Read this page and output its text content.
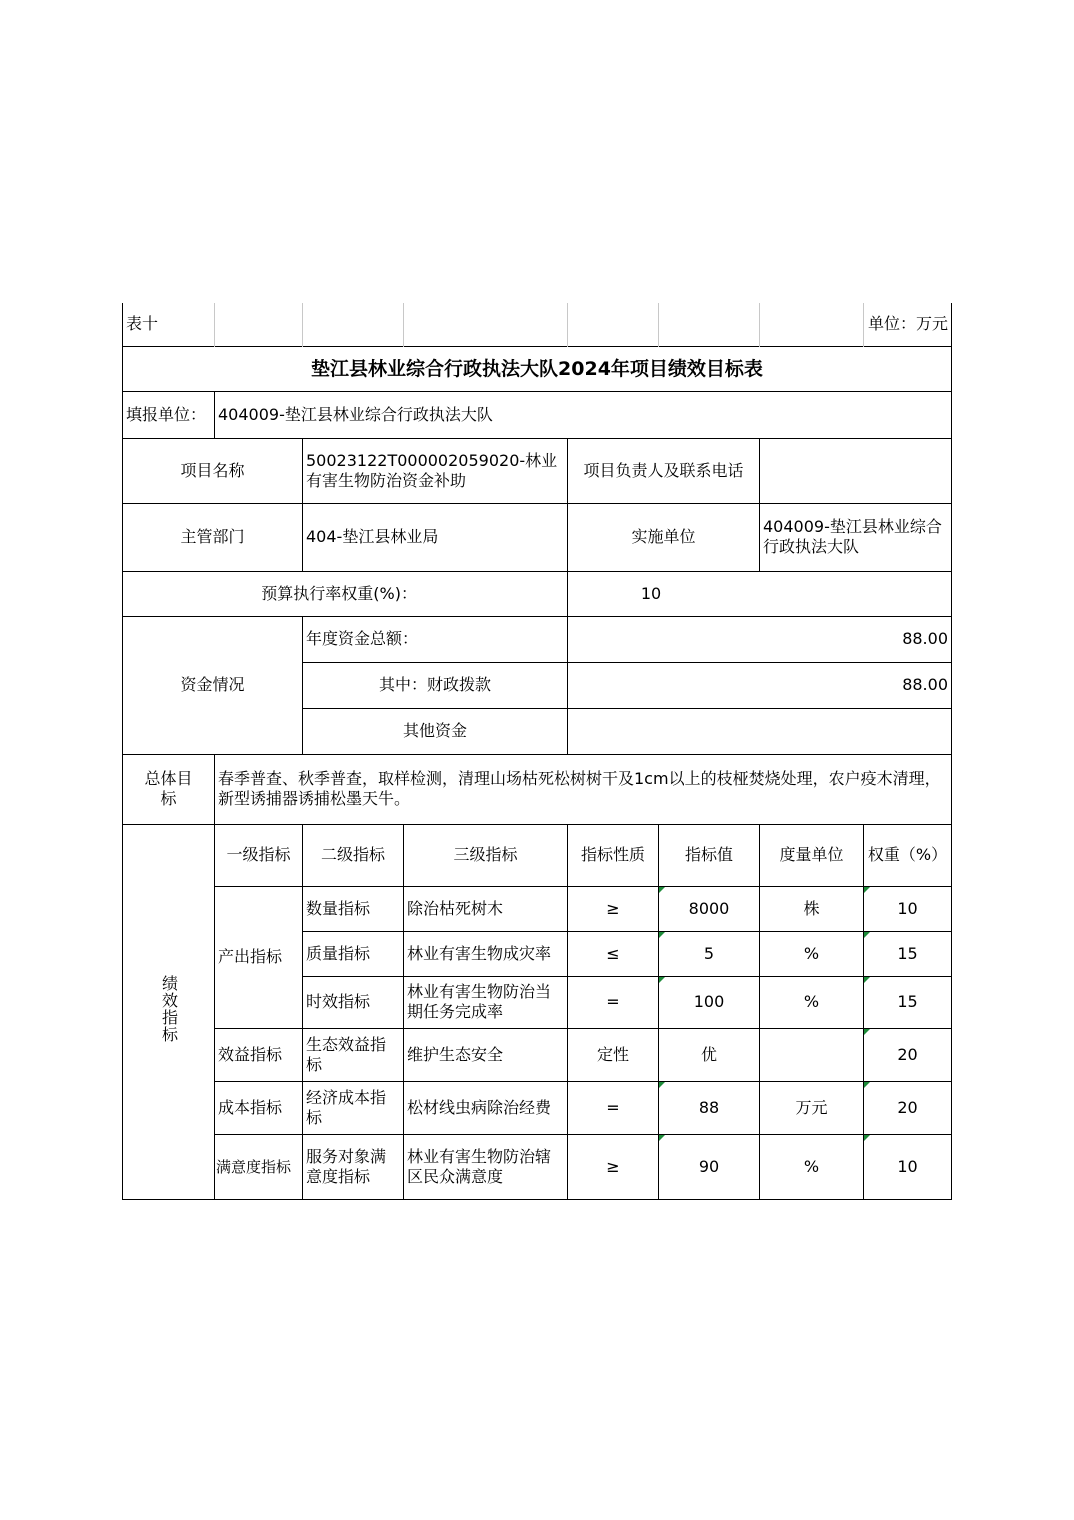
表十							单位：万元
垫江县林业综合行政执法大队2024年项目绩效目标表							
填报单位：	404009-垫江县林业综合行政执法大队						
项目名称		50023122T000002059020-林业有害生物防治资金补助		项目负责人及联系电话			
主管部门		404-垫江县林业局		实施单位		404009-垫江县林业综合行政执法大队	
预算执行率权重(%)：				10			
资金情况		年度资金总额：		88.00			
		其中：财政拨款		88.00			
		其他资金					
总体目标	春季普查、秋季普查，取样检测，清理山场枯死松树树干及1cm以上的枝桠焚烧处理，农户疫木清理，新型诱捕器诱捕松墨天牛。						
绩效指标	一级指标	二级指标	三级指标	指标性质	指标值	度量单位	权重（%）
	产出指标	数量指标	除治枯死树木	≥	8000	株	10
		质量指标	林业有害生物成灾率	≤	5	%	15
		时效指标	林业有害生物防治当期任务完成率	=	100	%	15
	效益指标	生态效益指标	维护生态安全	定性	优		20
	成本指标	经济成本指标	松材线虫病除治经费	=	88	万元	20
	满意度指标	服务对象满意度指标	林业有害生物防治辖区民众满意度	≥	90	%	10
